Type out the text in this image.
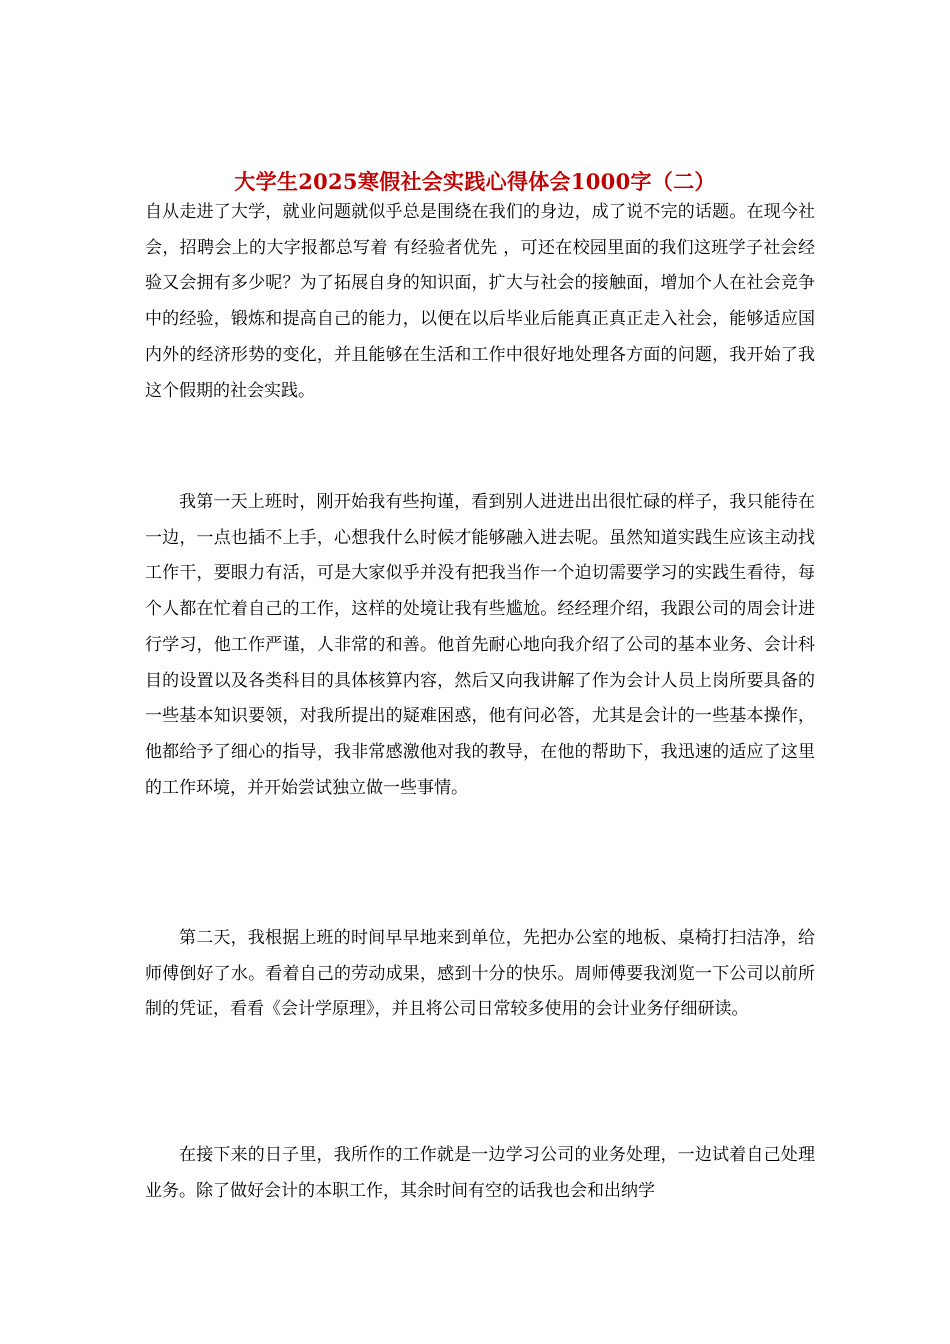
大学生2025寒假社会实践心得体会1000字（二）

自从走进了大学，就业问题就似乎总是围绕在我们的身边，成了说不完的话题。在现今社会，招聘会上的大字报都总写着 有经验者优先 ，可还在校园里面的我们这班学子社会经验又会拥有多少呢？为了拓展自身的知识面，扩大与社会的接触面，增加个人在社会竞争中的经验，锻炼和提高自己的能力，以便在以后毕业后能真正真正走入社会，能够适应国内外的经济形势的变化，并且能够在生活和工作中很好地处理各方面的问题，我开始了我这个假期的社会实践。

我第一天上班时，刚开始我有些拘谨，看到别人进进出出很忙碌的样子，我只能待在一边，一点也插不上手，心想我什么时候才能够融入进去呢。虽然知道实践生应该主动找工作干，要眼力有活，可是大家似乎并没有把我当作一个迫切需要学习的实践生看待，每个人都在忙着自己的工作，这样的处境让我有些尴尬。经经理介绍，我跟公司的周会计进行学习，他工作严谨，人非常的和善。他首先耐心地向我介绍了公司的基本业务、会计科目的设置以及各类科目的具体核算内容，然后又向我讲解了作为会计人员上岗所要具备的一些基本知识要领，对我所提出的疑难困惑，他有问必答，尤其是会计的一些基本操作，他都给予了细心的指导，我非常感激他对我的教导，在他的帮助下，我迅速的适应了这里的工作环境，并开始尝试独立做一些事情。

第二天，我根据上班的时间早早地来到单位，先把办公室的地板、桌椅打扫洁净，给师傅倒好了水。看着自己的劳动成果，感到十分的快乐。周师傅要我浏览一下公司以前所制的凭证，看看《会计学原理》，并且将公司日常较多使用的会计业务仔细研读。

在接下来的日子里，我所作的工作就是一边学习公司的业务处理，一边试着自己处理业务。除了做好会计的本职工作，其余时间有空的话我也会和出纳学
